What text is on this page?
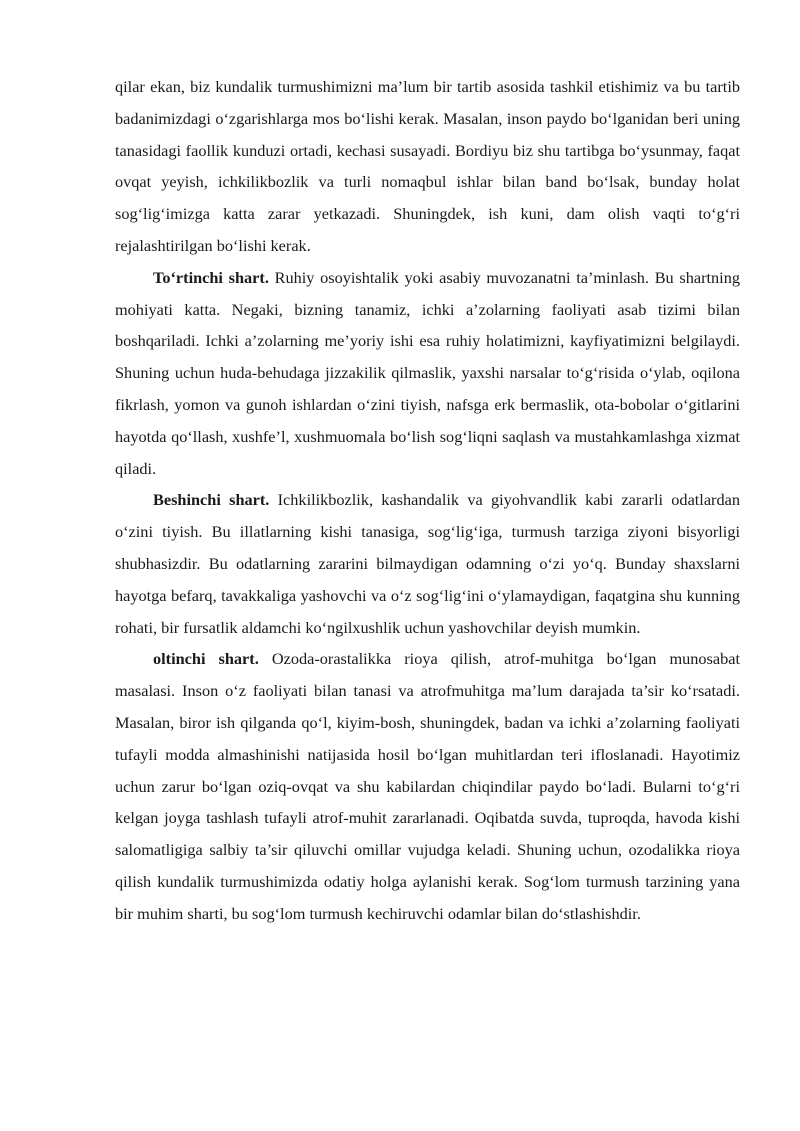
qilar ekan, biz kundalik turmushimizni ma’lum bir tartib asosida tashkil etishimiz va bu tartib badanimizdagi o‘zgarishlarga mos bo‘lishi kerak. Masalan, inson paydo bo‘lganidan beri uning tanasidagi faollik kunduzi ortadi, kechasi susayadi. Bordiyu biz shu tartibga bo‘ysunmay, faqat ovqat yeyish, ichkilikbozlik va turli nomaqbul ishlar bilan band bo‘lsak, bunday holat sog‘lig‘imizga katta zarar yetkazadi. Shuningdek, ish kuni, dam olish vaqti to‘g‘ri rejalashtirilgan bo‘lishi kerak.

To‘rtinchi shart. Ruhiy osoyishtalik yoki asabiy muvozanatni ta’minlash. Bu shartning mohiyati katta. Negaki, bizning tanamiz, ichki a’zolarning faoliyati asab tizimi bilan boshqariladi. Ichki a’zolarning me’yoriy ishi esa ruhiy holatimizni, kayfiyatimizni belgilaydi. Shuning uchun huda-behudaga jizzakilik qilmaslik, yaxshi narsalar to‘g‘risida o‘ylab, oqilona fikrlash, yomon va gunoh ishlardan o‘zini tiyish, nafsga erk bermaslik, ota-bobolar o‘gitlarini hayotda qo‘llash, xushfe’l, xushmuomala bo‘lish sog‘liqni saqlash va mustahkamlashga xizmat qiladi.

Beshinchi shart. Ichkilikbozlik, kashandalik va giyohvandlik kabi zararli odatlardan o‘zini tiyish. Bu illatlarning kishi tanasiga, sog‘lig‘iga, turmush tarziga ziyoni bisyorligi shubhasizdir. Bu odatlarning zararini bilmaydigan odamning o‘zi yo‘q. Bunday shaxslarni hayotga befarq, tavakkaliga yashovchi va o‘z sog‘lig‘ini o‘ylamaydigan, faqatgina shu kunning rohati, bir fursatlik aldamchi ko‘ngilxushlik uchun yashovchilar deyish mumkin.

oltinchi shart. Ozoda-orastalikka rioya qilish, atrof-muhitga bo‘lgan munosabat masalasi. Inson o‘z faoliyati bilan tanasi va atrofmuhitga ma’lum darajada ta’sir ko‘rsatadi. Masalan, biror ish qilganda qo‘l, kiyim-bosh, shuningdek, badan va ichki a’zolarning faoliyati tufayli modda almashinishi natijasida hosil bo‘lgan muhitlardan teri ifloslanadi. Hayotimiz uchun zarur bo‘lgan oziq-ovqat va shu kabilardan chiqindilar paydo bo‘ladi. Bularni to‘g‘ri kelgan joyga tashlash tufayli atrof-muhit zararlanadi. Oqibatda suvda, tuproqda, havoda kishi salomatligiga salbiy ta’sir qiluvchi omillar vujudga keladi. Shuning uchun, ozodalikka rioya qilish kundalik turmushimizda odatiy holga aylanishi kerak. Sog‘lom turmush tarzining yana bir muhim sharti, bu sog‘lom turmush kechiruvchi odamlar bilan do‘stlashishdir.
